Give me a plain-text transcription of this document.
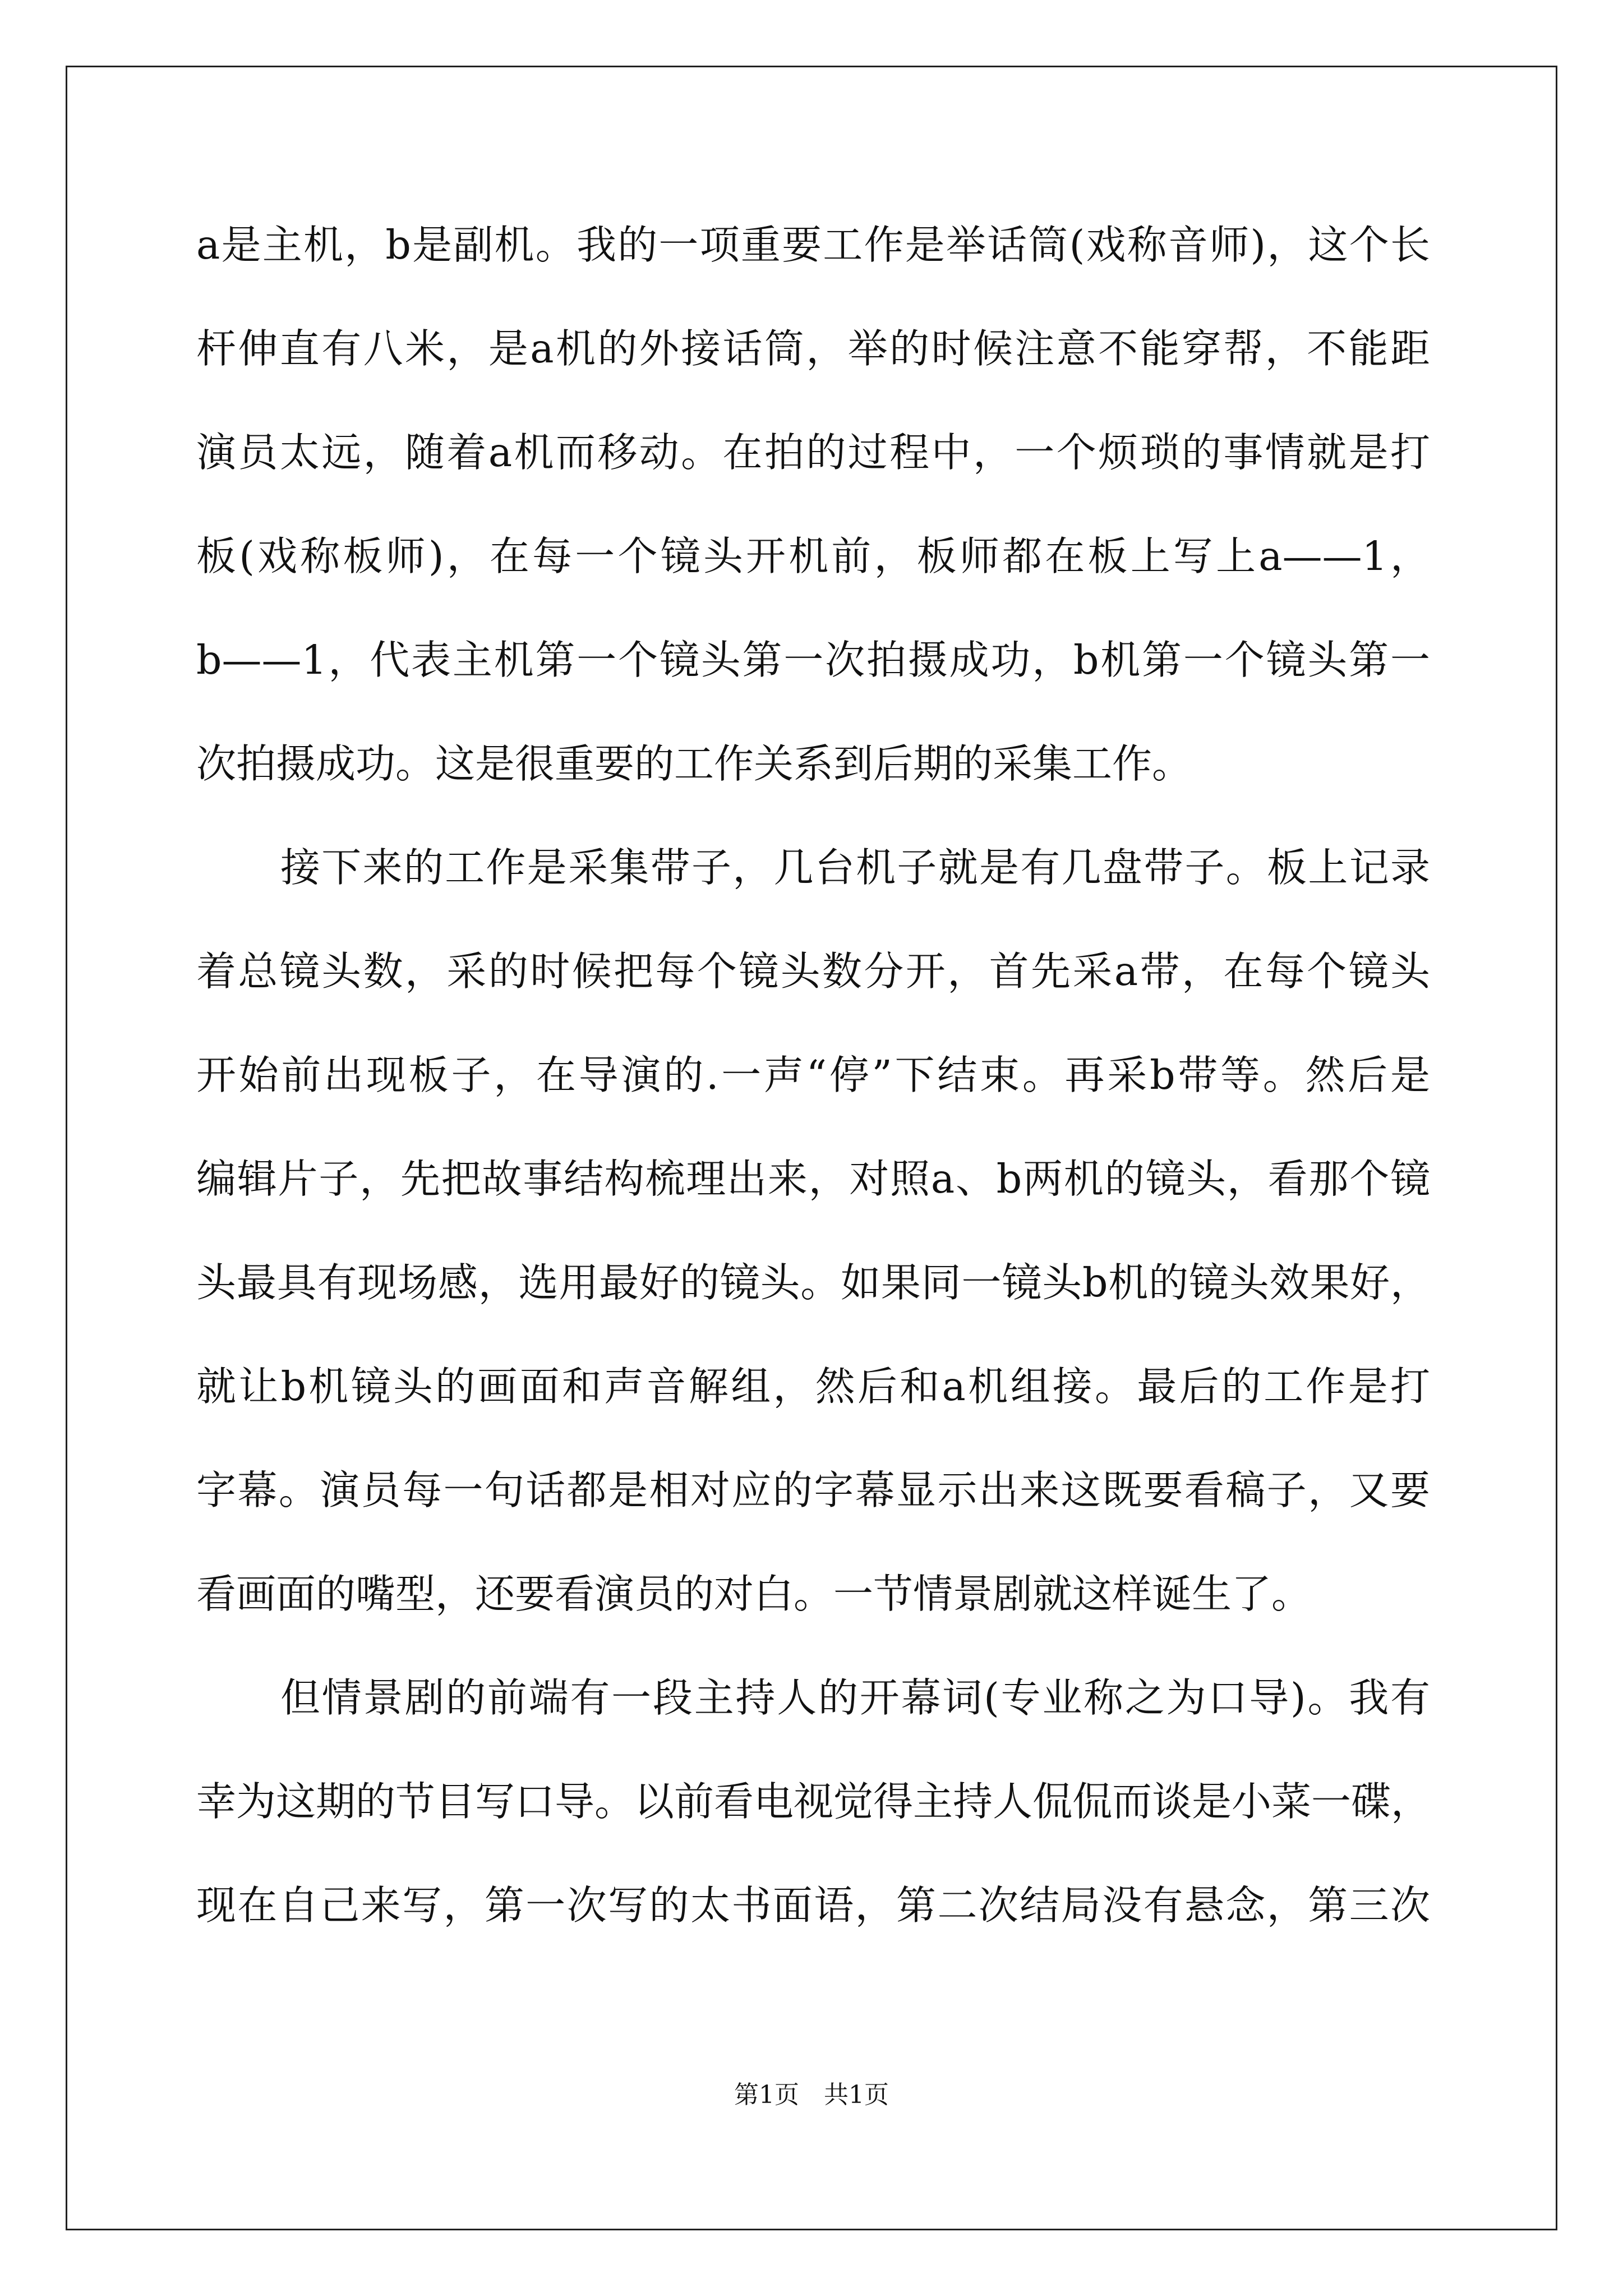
a是主机，b是副机。我的一项重要工作是举话筒(戏称音师)，这个长
杆伸直有八米，是a机的外接话筒，举的时候注意不能穿帮，不能距
演员太远，随着a机而移动。在拍的过程中，一个烦琐的事情就是打
板(戏称板师)，在每一个镜头开机前，板师都在板上写上a——1，
b——1，代表主机第一个镜头第一次拍摄成功，b机第一个镜头第一
次拍摄成功。这是很重要的工作关系到后期的采集工作。
接下来的工作是采集带子，几台机子就是有几盘带子。板上记录
着总镜头数，采的时候把每个镜头数分开，首先采a带，在每个镜头
开始前出现板子，在导演的.一声“停”下结束。再采b带等。然后是
编辑片子，先把故事结构梳理出来，对照a、b两机的镜头，看那个镜
头最具有现场感，选用最好的镜头。如果同一镜头b机的镜头效果好，
就让b机镜头的画面和声音解组，然后和a机组接。最后的工作是打
字幕。演员每一句话都是相对应的字幕显示出来这既要看稿子，又要
看画面的嘴型，还要看演员的对白。一节情景剧就这样诞生了。
但情景剧的前端有一段主持人的开幕词(专业称之为口导)。我有
幸为这期的节目写口导。以前看电视觉得主持人侃侃而谈是小菜一碟，
现在自己来写，第一次写的太书面语，第二次结局没有悬念，第三次
第1页　共1页
